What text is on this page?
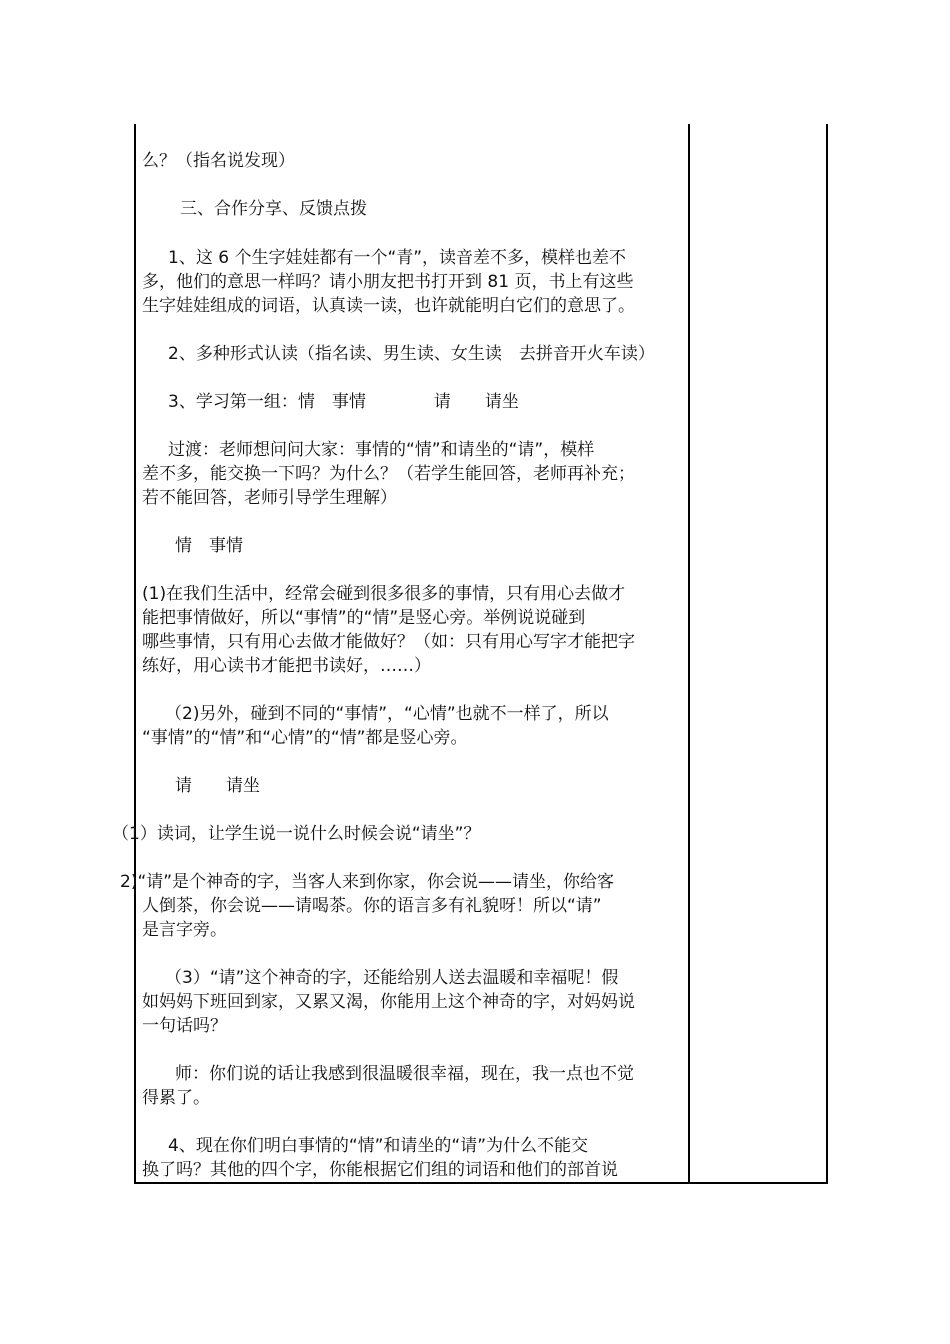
么？（指名说发现）
三、合作分享、反馈点拨
1、这 6 个生字娃娃都有一个“青”，读音差不多，模样也差不
多，他们的意思一样吗？请小朋友把书打开到 81 页，书上有这些
生字娃娃组成的词语，认真读一读，也许就能明白它们的意思了。
2、多种形式认读（指名读、男生读、女生读　去拼音开火车读）
3、学习第一组：情　事情　　　　请　　请坐
过渡：老师想问问大家：事情的“情”和请坐的“请”，模样
差不多，能交换一下吗？为什么？（若学生能回答，老师再补充；
若不能回答，老师引导学生理解）
情　事情
(1)在我们生活中，经常会碰到很多很多的事情，只有用心去做才
能把事情做好，所以“事情”的“情”是竖心旁。举例说说碰到
哪些事情，只有用心去做才能做好？（如：只有用心写字才能把字
练好，用心读书才能把书读好，……）
（2)另外，碰到不同的“事情”，“心情”也就不一样了，所以
“事情”的“情”和“心情”的“情”都是竖心旁。
请　　请坐
（1）读词，让学生说一说什么时候会说“请坐”？
2)“请”是个神奇的字，当客人来到你家，你会说——请坐，你给客
人倒茶，你会说——请喝茶。你的语言多有礼貌呀！所以“请”
是言字旁。
（3）“请”这个神奇的字，还能给别人送去温暖和幸福呢！假
如妈妈下班回到家，又累又渴，你能用上这个神奇的字，对妈妈说
一句话吗？
师：你们说的话让我感到很温暖很幸福，现在，我一点也不觉
得累了。
4、现在你们明白事情的“情”和请坐的“请”为什么不能交
换了吗？其他的四个字，你能根据它们组的词语和他们的部首说
